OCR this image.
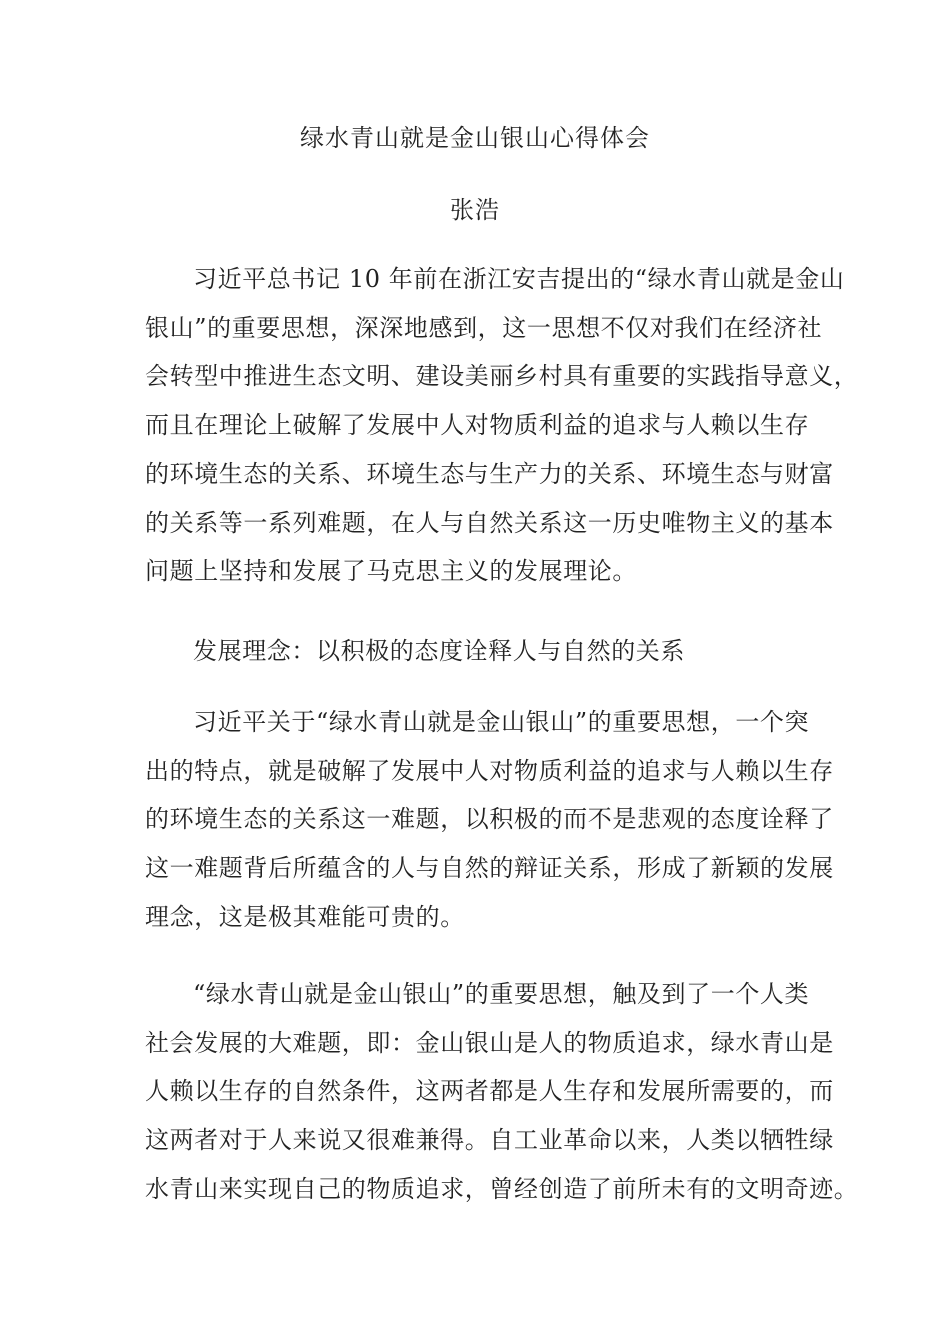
绿水青山就是金山银山心得体会
张浩
习近平总书记 10 年前在浙江安吉提出的“绿水青山就是金山
银山”的重要思想，深深地感到，这一思想不仅对我们在经济社
会转型中推进生态文明、建设美丽乡村具有重要的实践指导意义，
而且在理论上破解了发展中人对物质利益的追求与人赖以生存
的环境生态的关系、环境生态与生产力的关系、环境生态与财富
的关系等一系列难题，在人与自然关系这一历史唯物主义的基本
问题上坚持和发展了马克思主义的发展理论。
发展理念：以积极的态度诠释人与自然的关系
习近平关于“绿水青山就是金山银山”的重要思想，一个突
出的特点，就是破解了发展中人对物质利益的追求与人赖以生存
的环境生态的关系这一难题，以积极的而不是悲观的态度诠释了
这一难题背后所蕴含的人与自然的辩证关系，形成了新颖的发展
理念，这是极其难能可贵的。
“绿水青山就是金山银山”的重要思想，触及到了一个人类
社会发展的大难题，即：金山银山是人的物质追求，绿水青山是
人赖以生存的自然条件，这两者都是人生存和发展所需要的，而
这两者对于人来说又很难兼得。自工业革命以来，人类以牺牲绿
水青山来实现自己的物质追求，曾经创造了前所未有的文明奇迹。
